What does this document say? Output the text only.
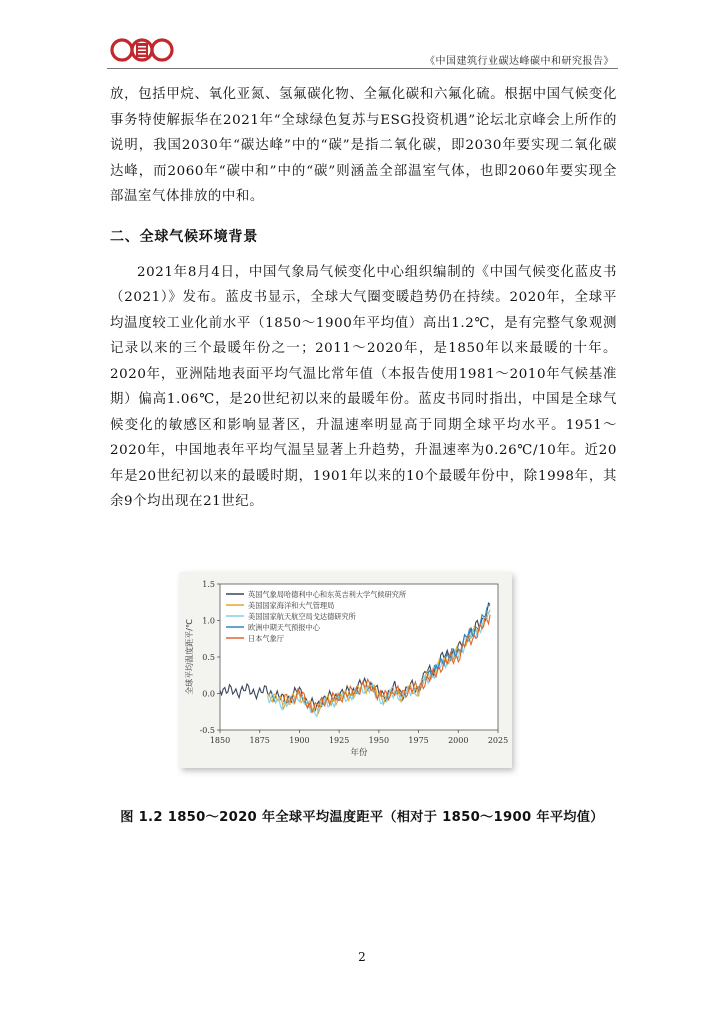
《中国建筑行业碳达峰碳中和研究报告》

放，包括甲烷、氧化亚氮、氢氟碳化物、全氟化碳和六氟化硫。根据中国气候变化事务特使解振华在2021年“全球绿色复苏与ESG投资机遇”论坛北京峰会上所作的说明，我国2030年“碳达峰”中的“碳”是指二氧化碳，即2030年要实现二氧化碳达峰，而2060年“碳中和”中的“碳”则涵盖全部温室气体，也即2060年要实现全部温室气体排放的中和。

二、全球气候环境背景

2021年8月4日，中国气象局气候变化中心组织编制的《中国气候变化蓝皮书（2021）》发布。蓝皮书显示，全球大气圈变暖趋势仍在持续。2020年，全球平均温度较工业化前水平（1850～1900年平均值）高出1.2℃，是有完整气象观测记录以来的三个最暖年份之一；2011～2020年，是1850年以来最暖的十年。2020年，亚洲陆地表面平均气温比常年值（本报告使用1981～2010年气候基准期）偏高1.06℃，是20世纪初以来的最暖年份。蓝皮书同时指出，中国是全球气候变化的敏感区和影响显著区，升温速率明显高于同期全球平均水平。1951～2020年，中国地表年平均气温呈显著上升趋势，升温速率为0.26℃/10年。近20年是20世纪初以来的最暖时期，1901年以来的10个最暖年份中，除1998年，其余9个均出现在21世纪。

1850 1875 1900 1925 1950 1975 2000 2025
-0.5
0.0
0.5
1.0
1.5
年份
全球平均温度距平/℃
英国气象局哈德利中心和东英吉利大学气候研究所
美国国家海洋和大气管理局
美国国家航天航空局戈达德研究所
欧洲中期天气预报中心
日本气象厅
图 1.2 1850～2020 年全球平均温度距平（相对于 1850～1900 年平均值）
2
